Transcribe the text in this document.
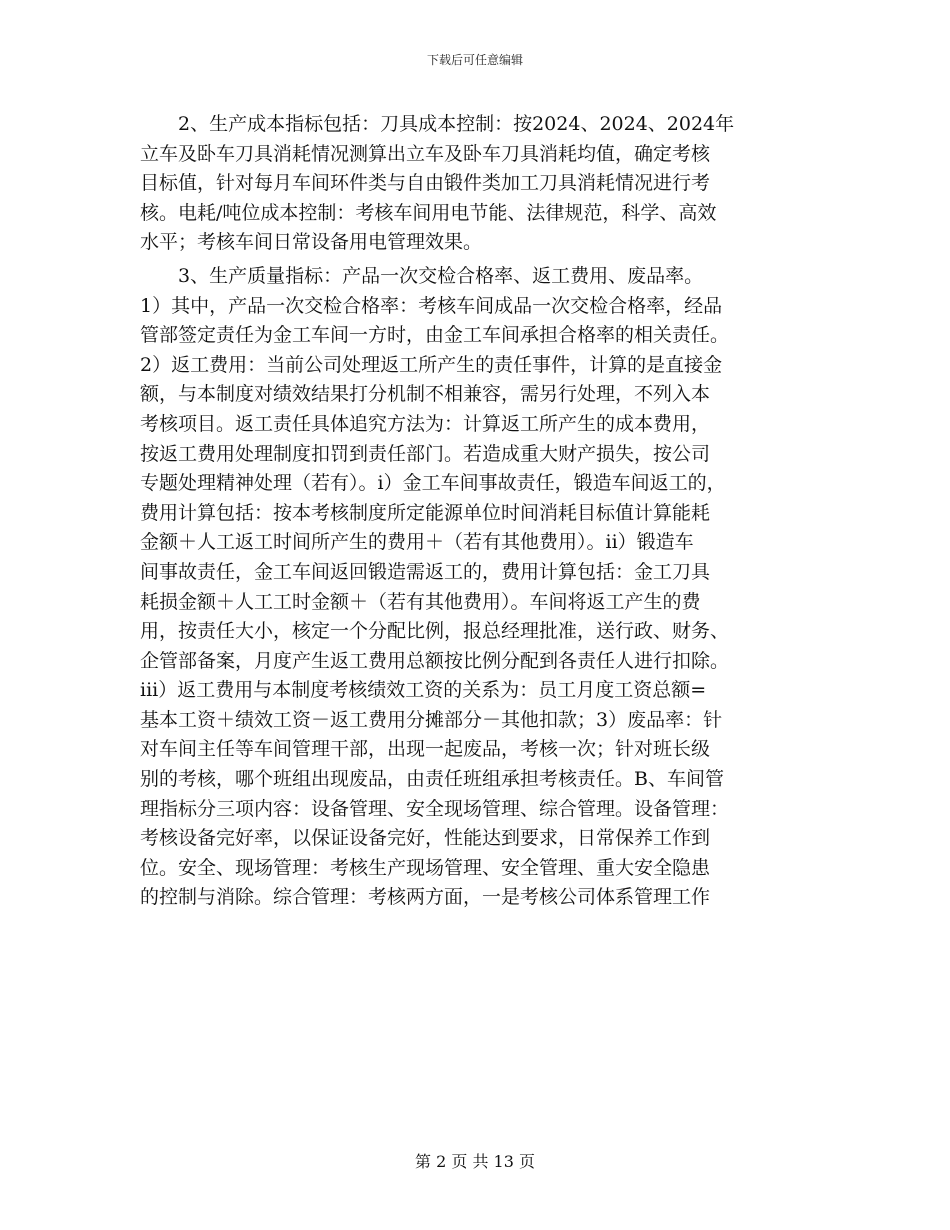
下载后可任意编辑
　　2、生产成本指标包括：刀具成本控制：按2024、2024、2024年
立车及卧车刀具消耗情况测算出立车及卧车刀具消耗均值，确定考核
目标值，针对每月车间环件类与自由锻件类加工刀具消耗情况进行考
核。电耗/吨位成本控制：考核车间用电节能、法律规范，科学、高效
水平；考核车间日常设备用电管理效果。
　　3、生产质量指标：产品一次交检合格率、返工费用、废品率。
1）其中，产品一次交检合格率：考核车间成品一次交检合格率，经品
管部签定责任为金工车间一方时，由金工车间承担合格率的相关责任。
2）返工费用：当前公司处理返工所产生的责任事件，计算的是直接金
额，与本制度对绩效结果打分机制不相兼容，需另行处理，不列入本
考核项目。返工责任具体追究方法为：计算返工所产生的成本费用，
按返工费用处理制度扣罚到责任部门。若造成重大财产损失，按公司
专题处理精神处理（若有）。i）金工车间事故责任，锻造车间返工的，
费用计算包括：按本考核制度所定能源单位时间消耗目标值计算能耗
金额＋人工返工时间所产生的费用＋（若有其他费用）。ii）锻造车
间事故责任，金工车间返回锻造需返工的，费用计算包括：金工刀具
耗损金额＋人工工时金额＋（若有其他费用）。车间将返工产生的费
用，按责任大小，核定一个分配比例，报总经理批准，送行政、财务、
企管部备案，月度产生返工费用总额按比例分配到各责任人进行扣除。
iii）返工费用与本制度考核绩效工资的关系为：员工月度工资总额=
基本工资＋绩效工资－返工费用分摊部分－其他扣款；3）废品率：针
对车间主任等车间管理干部，出现一起废品，考核一次；针对班长级
别的考核，哪个班组出现废品，由责任班组承担考核责任。B、车间管
理指标分三项内容：设备管理、安全现场管理、综合管理。设备管理：
考核设备完好率，以保证设备完好，性能达到要求，日常保养工作到
位。安全、现场管理：考核生产现场管理、安全管理、重大安全隐患
的控制与消除。综合管理：考核两方面，一是考核公司体系管理工作
第 2 页 共 13 页
